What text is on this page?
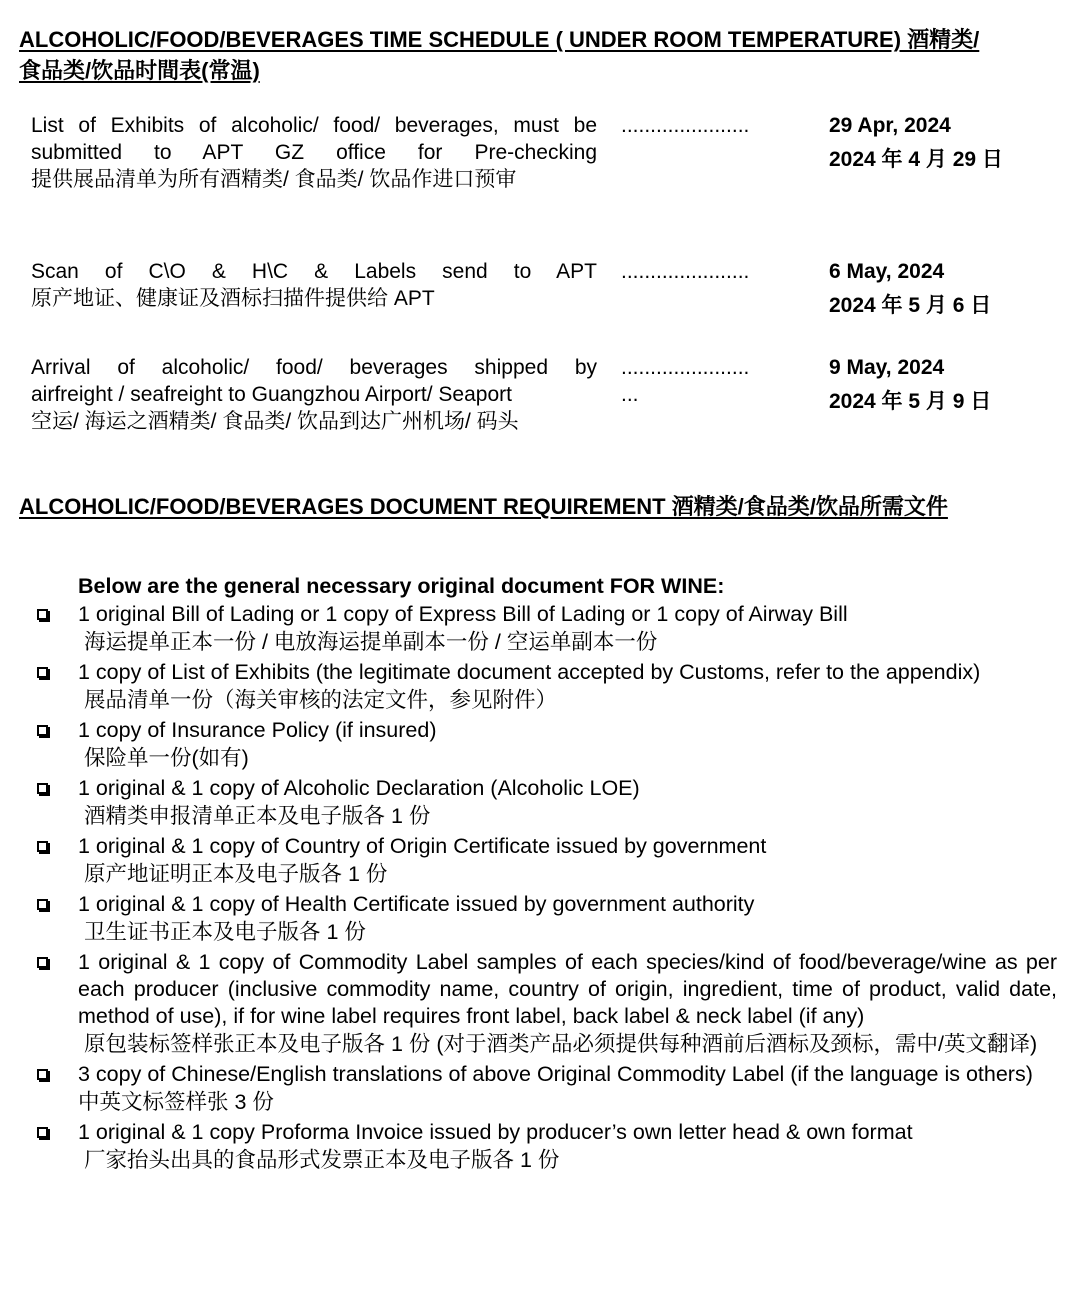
ALCOHOLIC/FOOD/BEVERAGES TIME SCHEDULE ( UNDER ROOM TEMPERATURE) 酒精类/
食品类/饮品时間表(常温)
List of Exhibits of alcoholic/ food/ beverages, must be
submitted to APT GZ office for Pre-checking
提供展品清单为所有酒精类/ 食品类/ 饮品作进口预审
......................	29 Apr, 2024
2024 年 4 月 29 日
Scan of C\O & H\C & Labels send to APT
原产地证、健康证及酒标扫描件提供给 APT
......................	6 May, 2024
2024 年 5 月 6 日
Arrival of alcoholic/ food/ beverages shipped by
airfreight / seafreight to Guangzhou Airport/ Seaport
空运/ 海运之酒精类/ 食品类/ 饮品到达广州机场/ 码头
......................
...
9 May, 2024
2024 年 5 月 9 日
ALCOHOLIC/FOOD/BEVERAGES DOCUMENT REQUIREMENT 酒精类/食品类/饮品所需文件
Below are the general necessary original document FOR WINE:
1 original Bill of Lading or 1 copy of Express Bill of Lading or 1 copy of Airway Bill
海运提单正本一份 / 电放海运提单副本一份 / 空运单副本一份
1 copy of List of Exhibits (the legitimate document accepted by Customs, refer to the appendix)
展品清单一份（海关审核的法定文件，参见附件）
1 copy of Insurance Policy (if insured)
保险单一份(如有)
1 original & 1 copy of Alcoholic Declaration (Alcoholic LOE)
酒精类申报清单正本及电子版各 1 份
1 original & 1 copy of Country of Origin Certificate issued by government
原产地证明正本及电子版各 1 份
1 original & 1 copy of Health Certificate issued by government authority
卫生证书正本及电子版各 1 份
1 original & 1 copy of Commodity Label samples of each species/kind of food/beverage/wine as per each producer (inclusive commodity name, country of origin, ingredient, time of product, valid date, method of use), if for wine label requires front label, back label & neck label (if any)
原包装标签样张正本及电子版各 1 份 (对于酒类产品必须提供每种酒前后酒标及颈标，需中/英文翻译)
3 copy of Chinese/English translations of above Original Commodity Label (if the language is others)
中英文标签样张 3 份
1 original & 1 copy Proforma Invoice issued by producer’s own letter head & own format
厂家抬头出具的食品形式发票正本及电子版各 1 份
